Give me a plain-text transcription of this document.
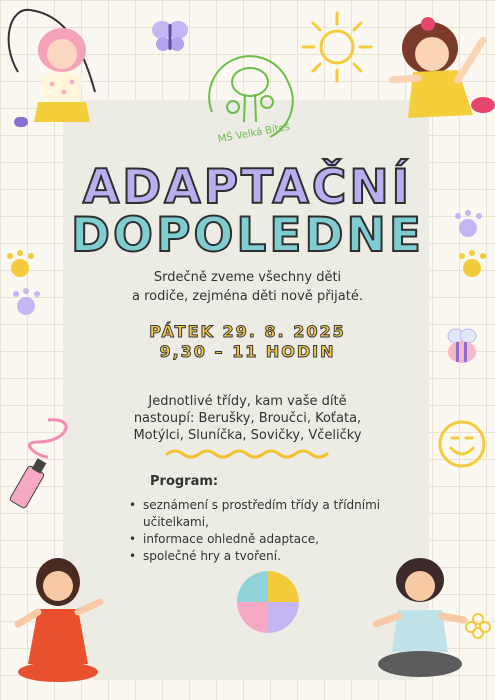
MŠ Velká Bíteš
ADAPTAČNÍ
DOPOLEDNE
Srdečně zveme všechny děti
a rodiče, zejména děti nově přijaté.
PÁTEK 29. 8. 2025
9,30 – 11 HODIN
Jednotlivé třídy, kam vaše dítě
nastoupí: Berušky, Broučci, Koťata,
Motýlci, Sluníčka, Sovičky, Včeličky
Program:
• seznámení s prostředím třídy a třídními učitelkami,
• informace ohledně adaptace,
• společné hry a tvoření.
